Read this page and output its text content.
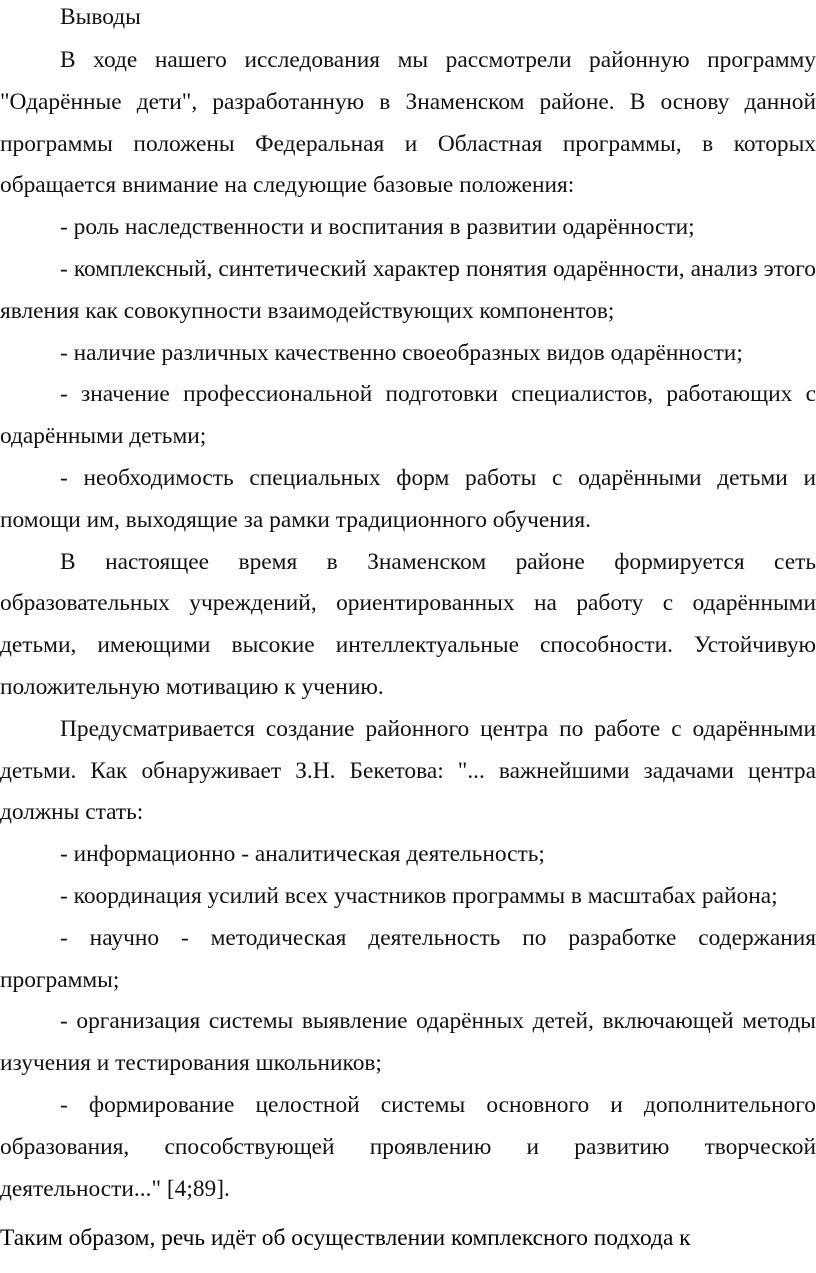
Выводы

В ходе нашего исследования мы рассмотрели районную программу "Одарённые дети", разработанную в Знаменском районе. В основу данной программы положены Федеральная и Областная программы, в которых обращается внимание на следующие базовые положения:

- роль наследственности и воспитания в развитии одарённости;

- комплексный, синтетический характер понятия одарённости, анализ этого явления как совокупности взаимодействующих компонентов;

- наличие различных качественно своеобразных видов одарённости;

- значение профессиональной подготовки специалистов, работающих с одарёнными детьми;

- необходимость специальных форм работы с одарёнными детьми и помощи им, выходящие за рамки традиционного обучения.

В настоящее время в Знаменском районе формируется сеть образовательных учреждений, ориентированных на работу с одарёнными детьми, имеющими высокие интеллектуальные способности. Устойчивую положительную мотивацию к учению.

Предусматривается создание районного центра по работе с одарёнными детьми. Как обнаруживает З.Н. Бекетова: "... важнейшими задачами центра должны стать:

- информационно - аналитическая деятельность;

- координация усилий всех участников программы в масштабах района;

- научно - методическая деятельность по разработке содержания программы;

- организация системы выявление одарённых детей, включающей методы изучения и тестирования школьников;

- формирование целостной системы основного и дополнительного образования, способствующей проявлению и развитию творческой деятельности..." [4;89].

Таким образом, речь идёт об осуществлении комплексного подхода к
